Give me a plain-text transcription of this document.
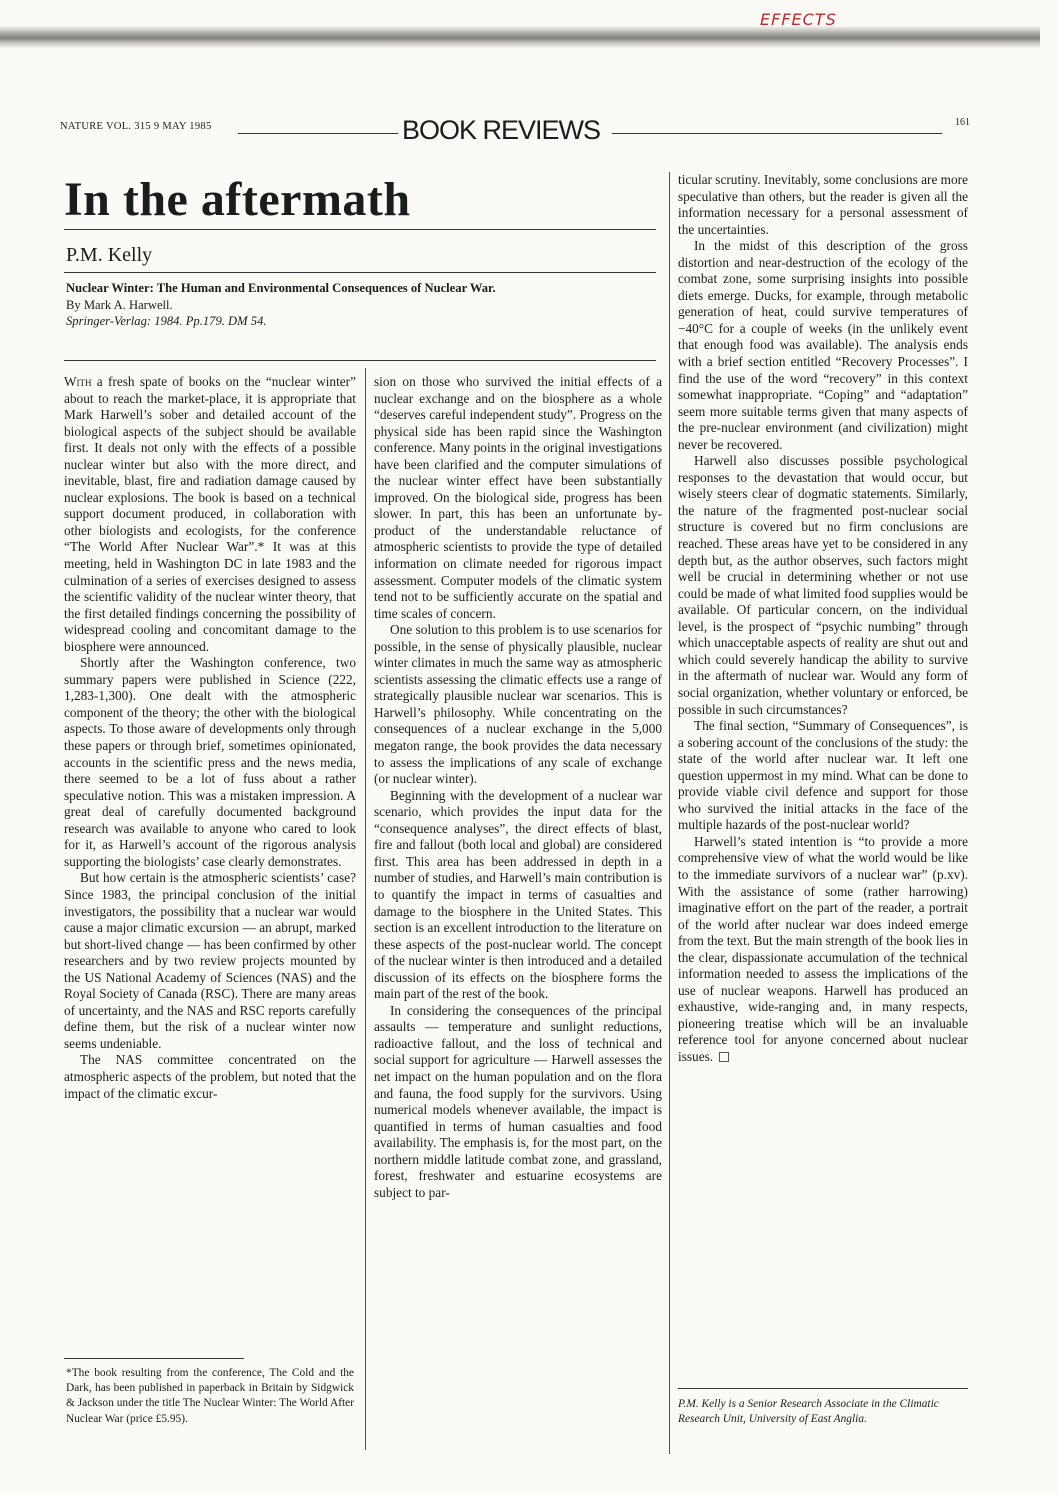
EFFECTS
NATURE VOL. 315 9 MAY 1985	BOOK REVIEWS	161
In the aftermath
P.M. Kelly
Nuclear Winter: The Human and Environmental Consequences of Nuclear War.
By Mark A. Harwell.
Springer-Verlag: 1984. Pp.179. DM 54.

With a fresh spate of books on the “nuclear winter” about to reach the market-place, it is appropriate that Mark Harwell’s sober and detailed account of the biological aspects of the subject should be available first. It deals not only with the effects of a possible nuclear winter but also with the more direct, and inevitable, blast, fire and radiation damage caused by nuclear explosions. The book is based on a technical support document produced, in collaboration with other biologists and ecologists, for the conference “The World After Nuclear War”.* It was at this meeting, held in Washington DC in late 1983 and the culmination of a series of exercises designed to assess the scientific validity of the nuclear winter theory, that the first detailed findings concerning the possibility of widespread cooling and concomitant damage to the biosphere were announced.

Shortly after the Washington conference, two summary papers were published in Science (222, 1,283-1,300). One dealt with the atmospheric component of the theory; the other with the biological aspects. To those aware of developments only through these papers or through brief, sometimes opinionated, accounts in the scientific press and the news media, there seemed to be a lot of fuss about a rather speculative notion. This was a mistaken impression. A great deal of carefully documented background research was available to anyone who cared to look for it, as Harwell’s account of the rigorous analysis supporting the biologists’ case clearly demonstrates.

But how certain is the atmospheric scientists’ case? Since 1983, the principal conclusion of the initial investigators, the possibility that a nuclear war would cause a major climatic excursion — an abrupt, marked but short-lived change — has been confirmed by other researchers and by two review projects mounted by the US National Academy of Sciences (NAS) and the Royal Society of Canada (RSC). There are many areas of uncertainty, and the NAS and RSC reports carefully define them, but the risk of a nuclear winter now seems undeniable.

The NAS committee concentrated on the atmospheric aspects of the problem, but noted that the impact of the climatic excur-

sion on those who survived the initial effects of a nuclear exchange and on the biosphere as a whole “deserves careful independent study”. Progress on the physical side has been rapid since the Washington conference. Many points in the original investigations have been clarified and the computer simulations of the nuclear winter effect have been substantially improved. On the biological side, progress has been slower. In part, this has been an unfortunate by-product of the understandable reluctance of atmospheric scientists to provide the type of detailed information on climate needed for rigorous impact assessment. Computer models of the climatic system tend not to be sufficiently accurate on the spatial and time scales of concern.

One solution to this problem is to use scenarios for possible, in the sense of physically plausible, nuclear winter climates in much the same way as atmospheric scientists assessing the climatic effects use a range of strategically plausible nuclear war scenarios. This is Harwell’s philosophy. While concentrating on the consequences of a nuclear exchange in the 5,000 megaton range, the book provides the data necessary to assess the implications of any scale of exchange (or nuclear winter).

Beginning with the development of a nuclear war scenario, which provides the input data for the “consequence analyses”, the direct effects of blast, fire and fallout (both local and global) are considered first. This area has been addressed in depth in a number of studies, and Harwell’s main contribution is to quantify the impact in terms of casualties and damage to the biosphere in the United States. This section is an excellent introduction to the literature on these aspects of the post-nuclear world. The concept of the nuclear winter is then introduced and a detailed discussion of its effects on the biosphere forms the main part of the rest of the book.

In considering the consequences of the principal assaults — temperature and sunlight reductions, radioactive fallout, and the loss of technical and social support for agriculture — Harwell assesses the net impact on the human population and on the flora and fauna, the food supply for the survivors. Using numerical models whenever available, the impact is quantified in terms of human casualties and food availability. The emphasis is, for the most part, on the northern middle latitude combat zone, and grassland, forest, freshwater and estuarine ecosystems are subject to par-

ticular scrutiny. Inevitably, some conclusions are more speculative than others, but the reader is given all the information necessary for a personal assessment of the uncertainties.

In the midst of this description of the gross distortion and near-destruction of the ecology of the combat zone, some surprising insights into possible diets emerge. Ducks, for example, through metabolic generation of heat, could survive temperatures of −40°C for a couple of weeks (in the unlikely event that enough food was available). The analysis ends with a brief section entitled “Recovery Processes”. I find the use of the word “recovery” in this context somewhat inappropriate. “Coping” and “adaptation” seem more suitable terms given that many aspects of the pre-nuclear environment (and civilization) might never be recovered.

Harwell also discusses possible psychological responses to the devastation that would occur, but wisely steers clear of dogmatic statements. Similarly, the nature of the fragmented post-nuclear social structure is covered but no firm conclusions are reached. These areas have yet to be considered in any depth but, as the author observes, such factors might well be crucial in determining whether or not use could be made of what limited food supplies would be available. Of particular concern, on the individual level, is the prospect of “psychic numbing” through which unacceptable aspects of reality are shut out and which could severely handicap the ability to survive in the aftermath of nuclear war. Would any form of social organization, whether voluntary or enforced, be possible in such circumstances?

The final section, “Summary of Consequences”, is a sobering account of the conclusions of the study: the state of the world after nuclear war. It left one question uppermost in my mind. What can be done to provide viable civil defence and support for those who survived the initial attacks in the face of the multiple hazards of the post-nuclear world?

Harwell’s stated intention is “to provide a more comprehensive view of what the world would be like to the immediate survivors of a nuclear war” (p.xv). With the assistance of some (rather harrowing) imaginative effort on the part of the reader, a portrait of the world after nuclear war does indeed emerge from the text. But the main strength of the book lies in the clear, dispassionate accumulation of the technical information needed to assess the implications of the use of nuclear weapons. Harwell has produced an exhaustive, wide-ranging and, in many respects, pioneering treatise which will be an invaluable reference tool for anyone concerned about nuclear issues.

*The book resulting from the conference, The Cold and the Dark, has been published in paperback in Britain by Sidgwick & Jackson under the title The Nuclear Winter: The World After Nuclear War (price £5.95).
P.M. Kelly is a Senior Research Associate in the Climatic Research Unit, University of East Anglia.
